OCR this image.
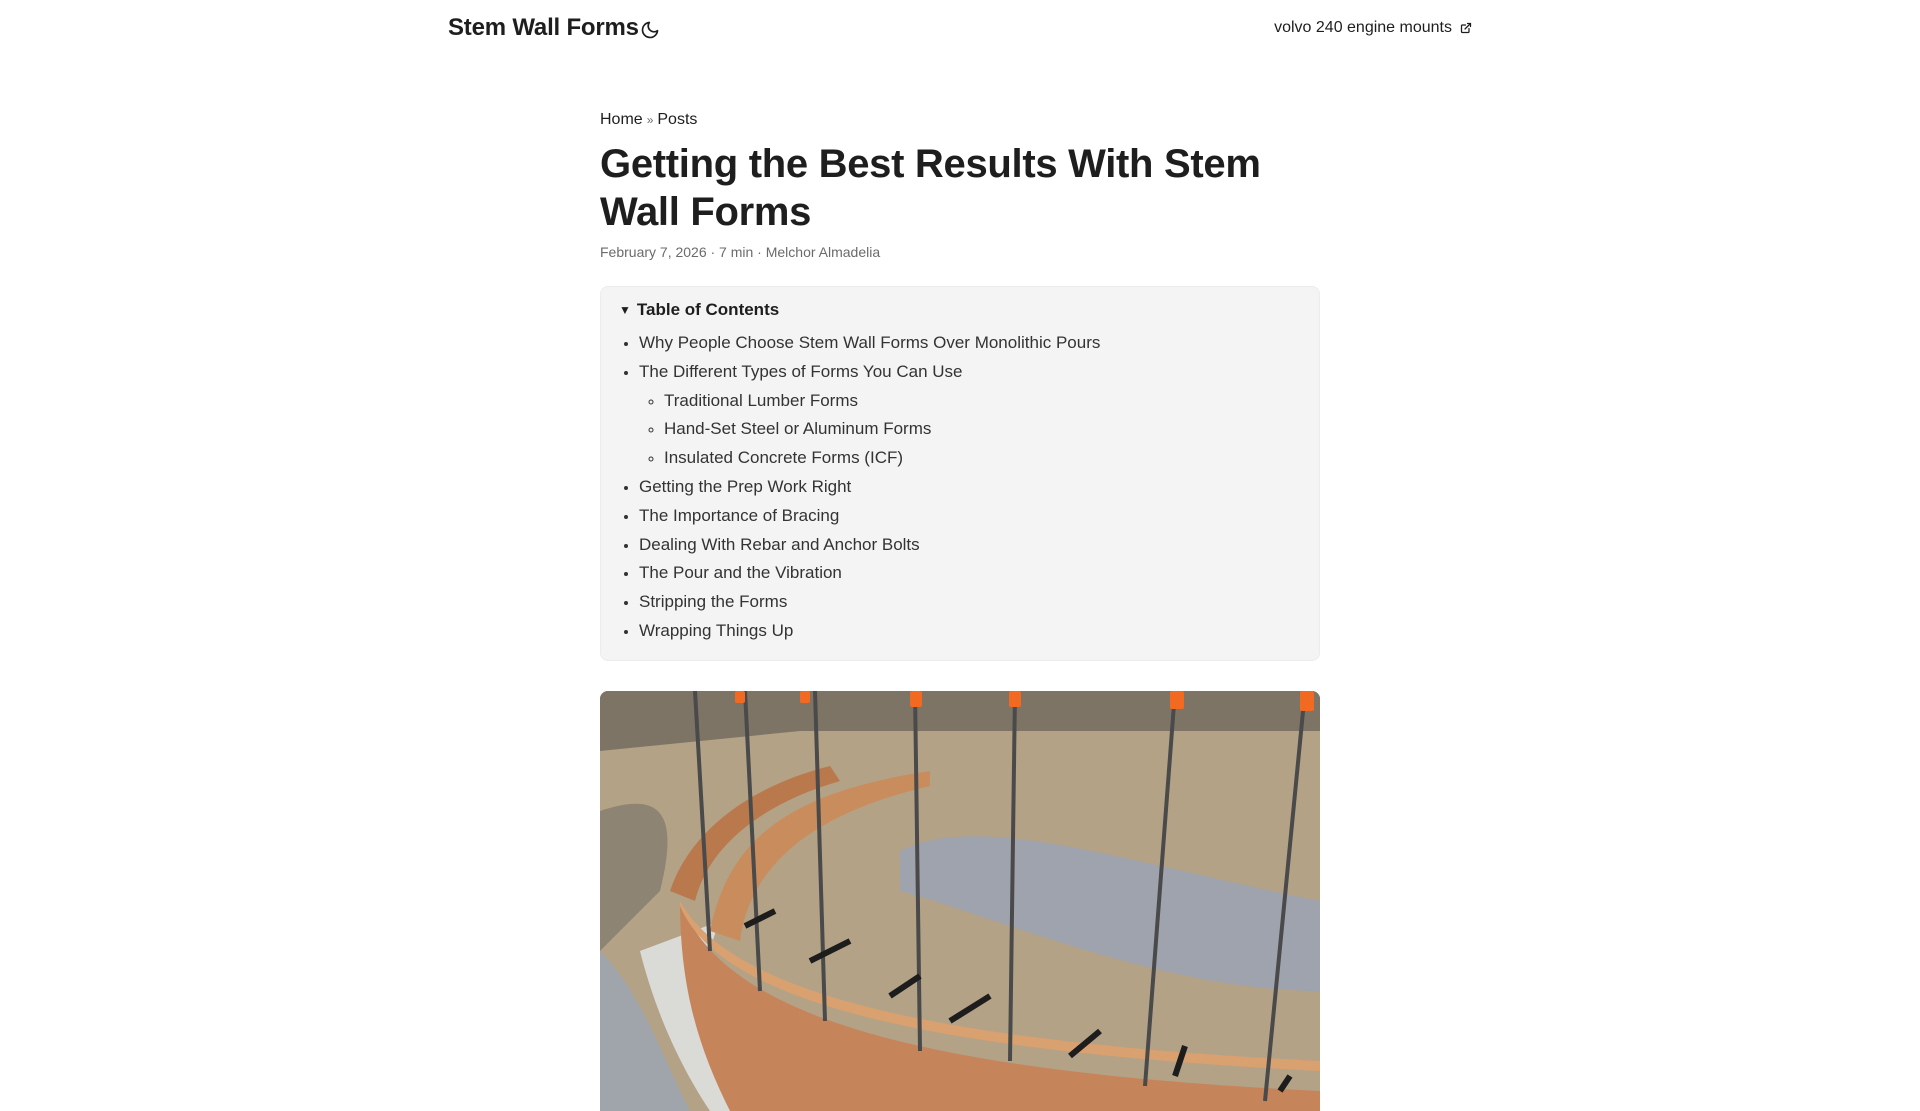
Stem Wall Forms	volvo 240 engine mounts
Home » Posts
Getting the Best Results With Stem Wall Forms
February 7, 2026 · 7 min · Melchor Almadelia
▼ Table of Contents
• Why People Choose Stem Wall Forms Over Monolithic Pours
• The Different Types of Forms You Can Use
◦ Traditional Lumber Forms
◦ Hand-Set Steel or Aluminum Forms
◦ Insulated Concrete Forms (ICF)
• Getting the Prep Work Right
• The Importance of Bracing
• Dealing With Rebar and Anchor Bolts
• The Pour and the Vibration
• Stripping the Forms
• Wrapping Things Up
